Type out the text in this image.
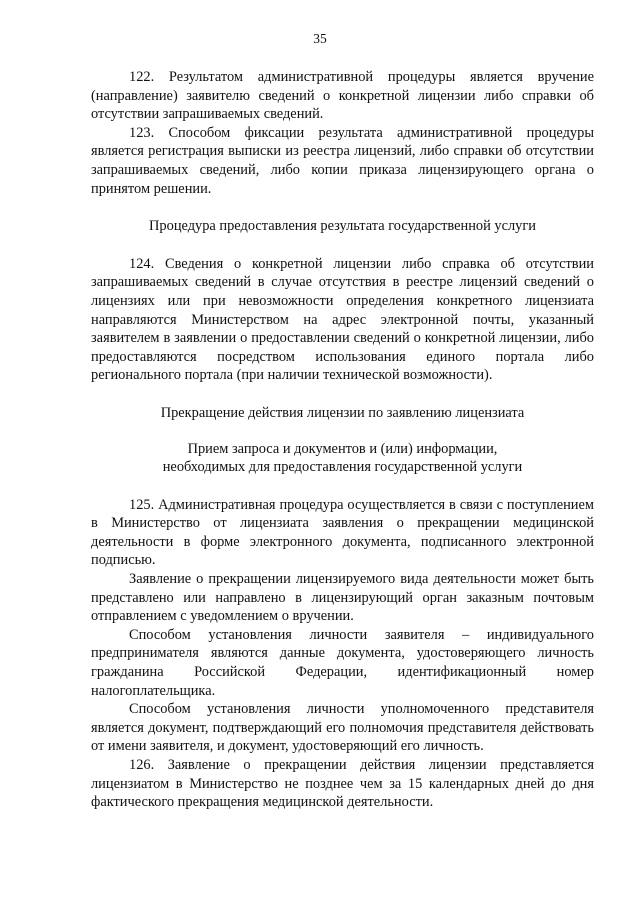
35

122. Результатом административной процедуры является вручение (направление) заявителю сведений о конкретной лицензии либо справки об отсутствии запрашиваемых сведений.

123. Способом фиксации результата административной процедуры является регистрация выписки из реестра лицензий, либо справки об отсутствии запрашиваемых сведений, либо копии приказа лицензирующего органа о принятом решении.

Процедура предоставления результата государственной услуги

124. Сведения о конкретной лицензии либо справка об отсутствии запрашиваемых сведений в случае отсутствия в реестре лицензий сведений о лицензиях или при невозможности определения конкретного лицензиата направляются Министерством на адрес электронной почты, указанный заявителем в заявлении о предоставлении сведений о конкретной лицензии, либо предоставляются посредством использования единого портала либо регионального портала (при наличии технической возможности).

Прекращение действия лицензии по заявлению лицензиата

Прием запроса и документов и (или) информации,

необходимых для предоставления государственной услуги

125. Административная процедура осуществляется в связи с поступлением в Министерство от лицензиата заявления о прекращении медицинской деятельности в форме электронного документа, подписанного электронной подписью.

Заявление о прекращении лицензируемого вида деятельности может быть представлено или направлено в лицензирующий орган заказным почтовым отправлением с уведомлением о вручении.

Способом установления личности заявителя – индивидуального предпринимателя являются данные документа, удостоверяющего личность гражданина Российской Федерации, идентификационный номер налогоплательщика.

Способом установления личности уполномоченного представителя является документ, подтверждающий его полномочия представителя действовать от имени заявителя, и документ, удостоверяющий его личность.

126. Заявление о прекращении действия лицензии представляется лицензиатом в Министерство не позднее чем за 15 календарных дней до дня фактического прекращения медицинской деятельности.
